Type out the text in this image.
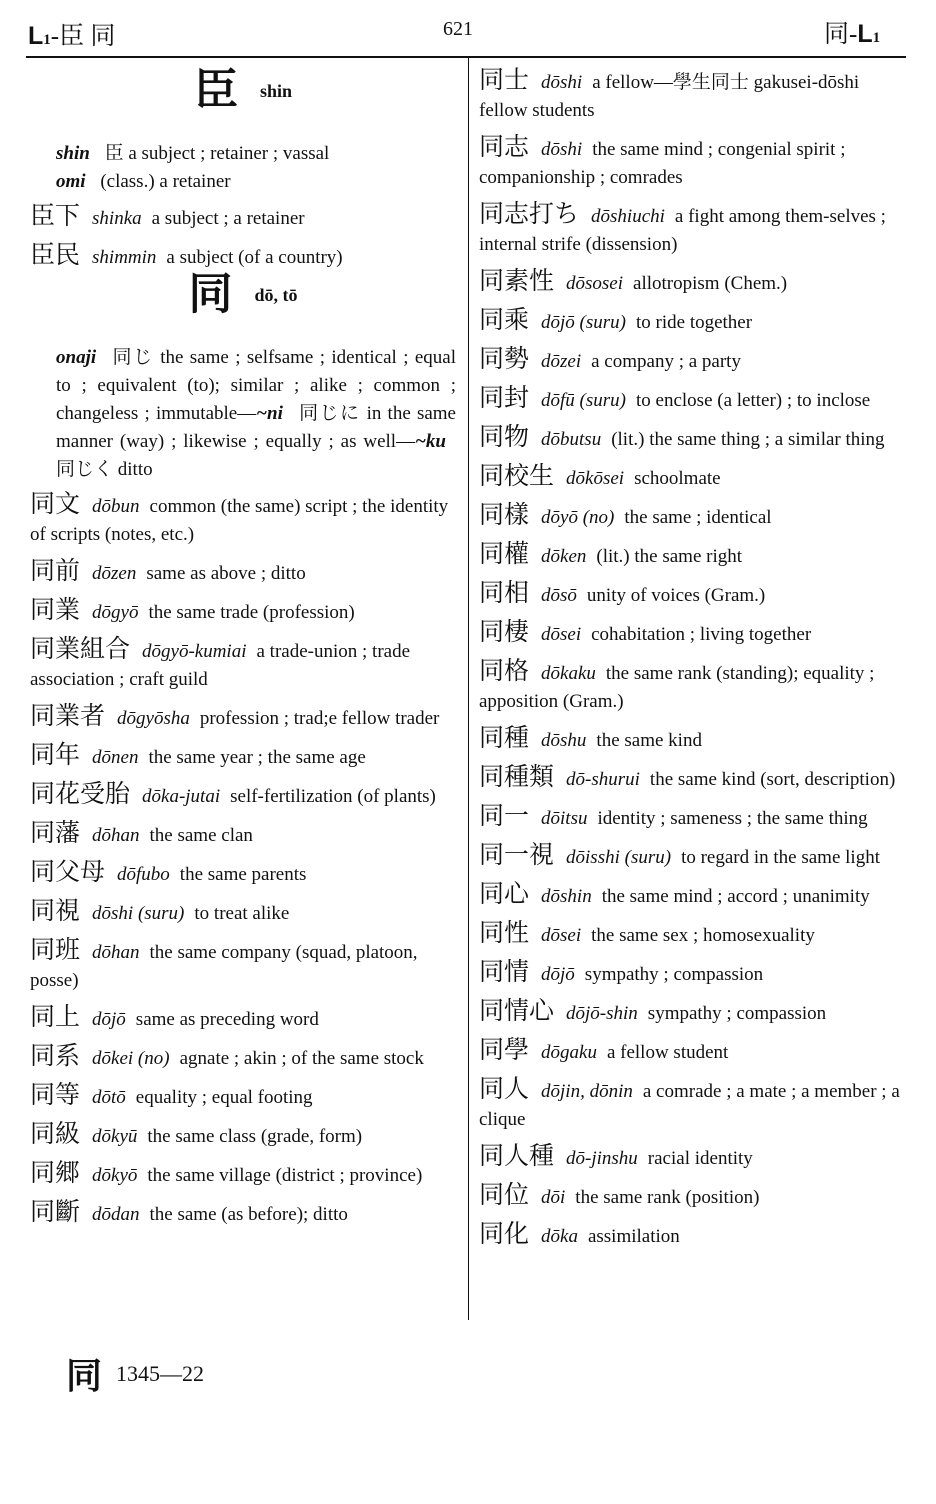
L1-臣 同	621	同-L1
臣 shin
shin 臣 a subject ; retainer ; vassal
omi (class.) a retainer
臣下 shinka a subject ; a retainer
臣民 shimmin a subject (of a country)
同 dō, tō
onaji 同じ the same ; selfsame ; identical ; equal to ; equivalent (to); similar ; alike ; common ; changeless ; immutable—~ni 同じに in the same manner (way) ; likewise ; equally ; as well—~ku 同じく ditto
同文 dōbun common (the same) script ; the identity of scripts (notes, etc.)
同前 dōzen same as above ; ditto
同業 dōgyō the same trade (profession)
同業組合 dōgyō-kumiai a trade-union ; trade association ; craft guild
同業者 dōgyōsha profession ; trad;e fellow trader
同年 dōnen the same year ; the same age
同花受胎 dōka-jutai self-fertilization (of plants)
同藩 dōhan the same clan
同父母 dōfubo the same parents
同視 dōshi (suru) to treat alike
同班 dōhan the same company (squad, platoon, posse)
同上 dōjō same as preceding word
同系 dōkei (no) agnate ; akin ; of the same stock
同等 dōtō equality ; equal footing
同級 dōkyū the same class (grade, form)
同郷 dōkyō the same village (district ; province)
同斷 dōdan the same (as before); ditto
同士 dōshi a fellow—學生同士 gakusei-dōshi fellow students
同志 dōshi the same mind ; congenial spirit ; companionship ; comrades
同志打ち dōshiuchi a fight among them-selves ; internal strife (dissension)
同素性 dōsosei allotropism (Chem.)
同乘 dōjō (suru) to ride together
同勢 dōzei a company ; a party
同封 dōfū (suru) to enclose (a letter) ; to inclose
同物 dōbutsu (lit.) the same thing ; a similar thing
同校生 dōkōsei schoolmate
同樣 dōyō (no) the same ; identical
同權 dōken (lit.) the same right
同相 dōsō unity of voices (Gram.)
同棲 dōsei cohabitation ; living together
同格 dōkaku the same rank (standing); equality ; apposition (Gram.)
同種 dōshu the same kind
同種類 dō-shurui the same kind (sort, description)
同一 dōitsu identity ; sameness ; the same thing
同一視 dōisshi (suru) to regard in the same light
同心 dōshin the same mind ; accord ; unanimity
同性 dōsei the same sex ; homosexuality
同情 dōjō sympathy ; compassion
同情心 dōjō-shin sympathy ; compassion
同學 dōgaku a fellow student
同人 dōjin, dōnin a comrade ; a mate ; a member ; a clique
同人種 dō-jinshu racial identity
同位 dōi the same rank (position)
同化 dōka assimilation
同 1345—22
